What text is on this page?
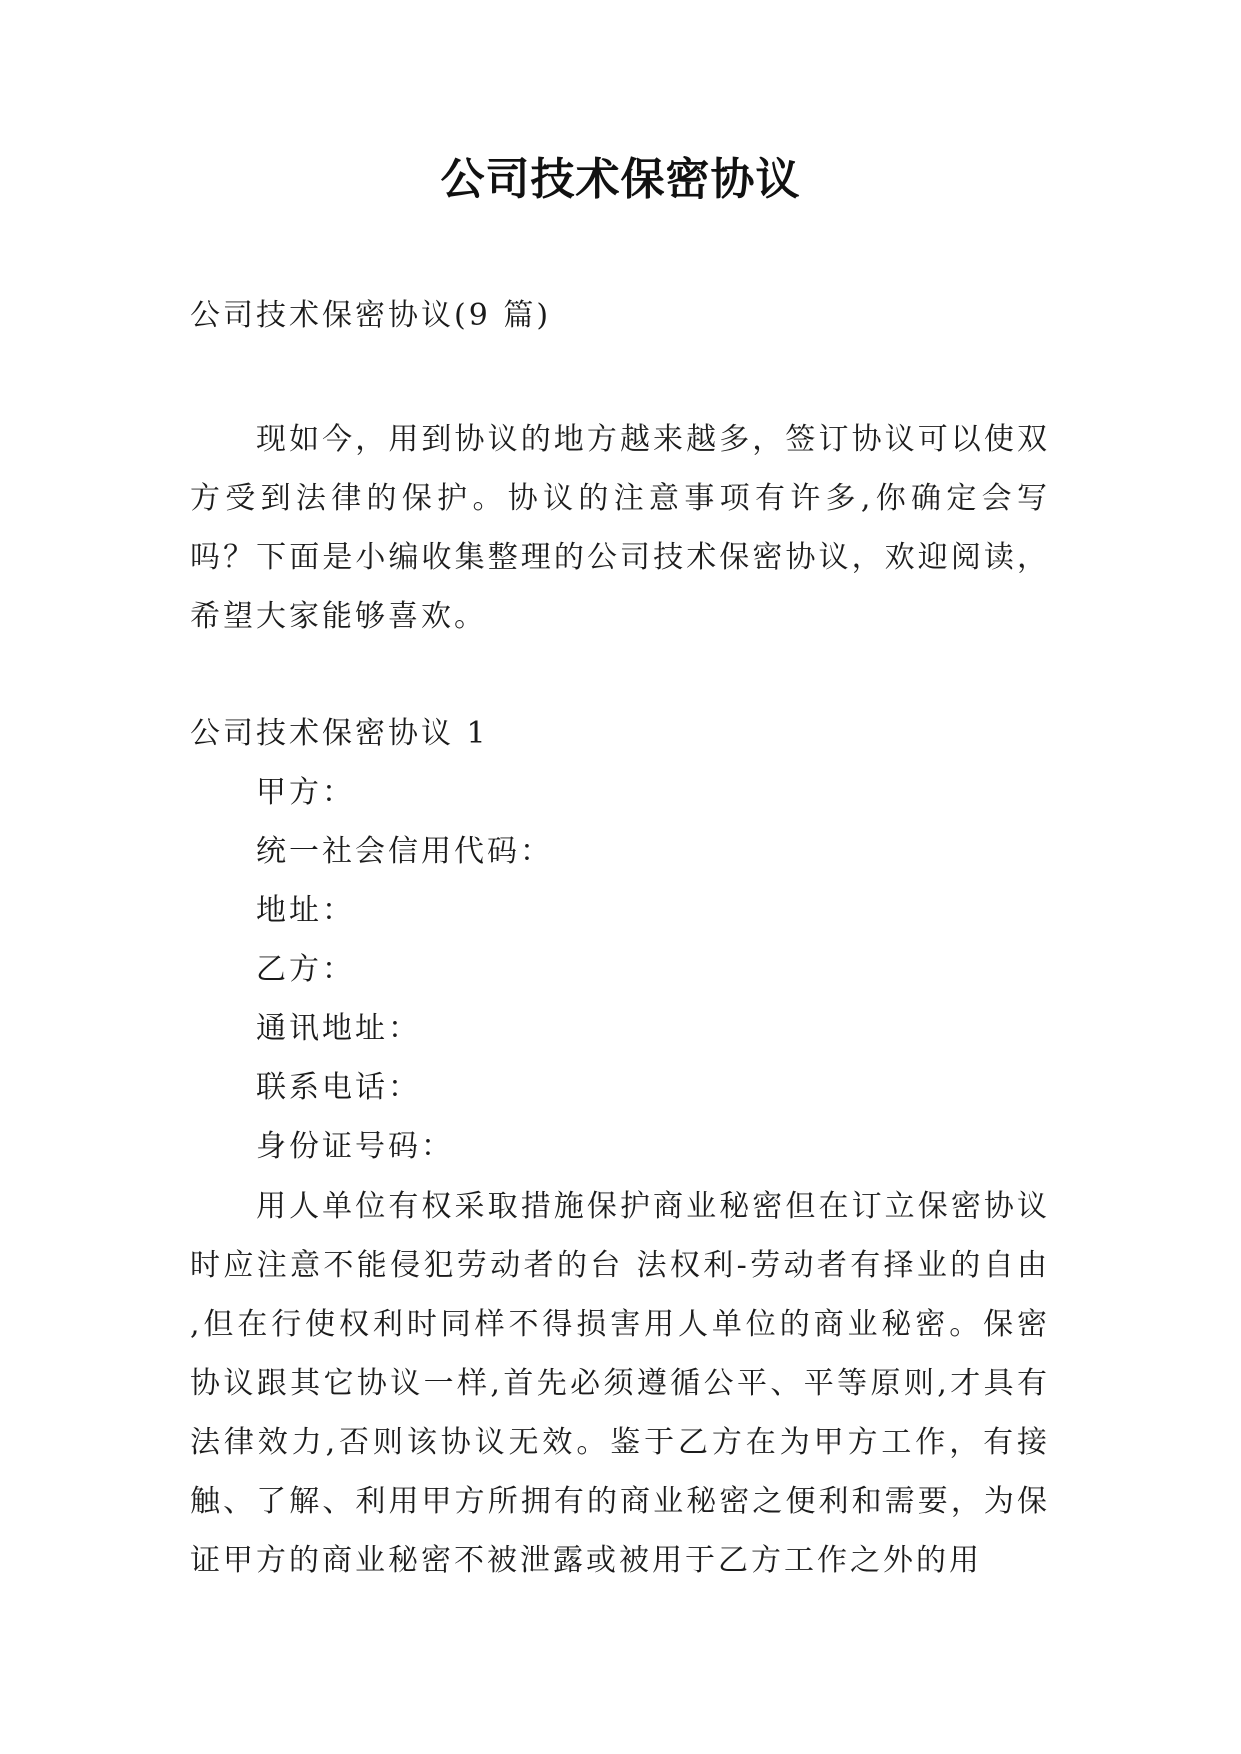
公司技术保密协议
公司技术保密协议(9 篇)

现如今，用到协议的地方越来越多，签订协议可以使双方受到法律的保护。协议的注意事项有许多,你确定会写吗？下面是小编收集整理的公司技术保密协议，欢迎阅读，希望大家能够喜欢。

公司技术保密协议 1
甲方：
统一社会信用代码：
地址：
乙方：
通讯地址：
联系电话：
身份证号码：

用人单位有权采取措施保护商业秘密但在订立保密协议时应注意不能侵犯劳动者的台 法权利-劳动者有择业的自由 ,但在行使权利时同样不得损害用人单位的商业秘密。保密协议跟其它协议一样,首先必须遵循公平、平等原则,才具有法律效力,否则该协议无效。鉴于乙方在为甲方工作，有接触、了解、利用甲方所拥有的商业秘密之便利和需要，为保证甲方的商业秘密不被泄露或被用于乙方工作之外的用
